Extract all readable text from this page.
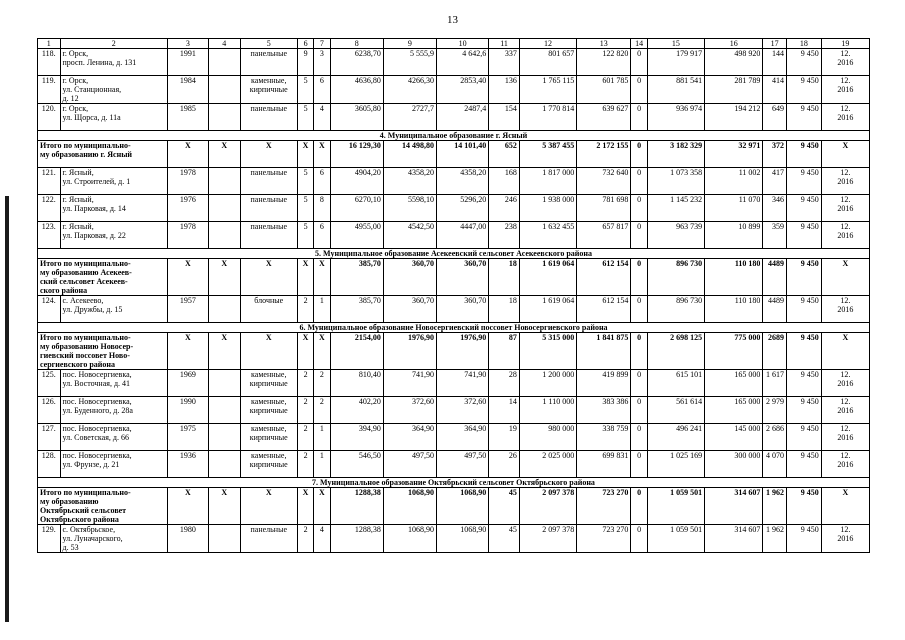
13
1	2	3	4	5	6	7	8	9	10	11	12	13	14	15	16	17	18	19
118.	г. Орск,
просп. Ленина, д. 131	1991		панельные	9	3	6238,70	5 555,9	4 642,6	337	801 657	122 820	0	179 917	498 920	144	9 450	12.
2016
119.	г. Орск,
ул. Станционная,
д. 12	1984		каменные,
кирпичные	5	6	4636,80	4266,30	2853,40	136	1 765 115	601 785	0	881 541	281 789	414	9 450	12.
2016
120.	г. Орск,
ул. Щорса, д. 11а	1985		панельные	5	4	3605,80	2727,7	2487,4	154	1 770 814	639 627	0	936 974	194 212	649	9 450	12.
2016
4. Муниципальное образование г. Ясный																		
Итого по муниципально-
му образованию г. Ясный		X	X	X	X	X	16 129,30	14 498,80	14 101,40	652	5 387 455	2 172 155	0	3 182 329	32 971	372	9 450	X
121.	г. Ясный,
ул. Строителей, д. 1	1978		панельные	5	6	4904,20	4358,20	4358,20	168	1 817 000	732 640	0	1 073 358	11 002	417	9 450	12.
2016
122.	г. Ясный,
ул. Парковая, д. 14	1976		панельные	5	8	6270,10	5598,10	5296,20	246	1 938 000	781 698	0	1 145 232	11 070	346	9 450	12.
2016
123.	г. Ясный,
ул. Парковая, д. 22	1978		панельные	5	6	4955,00	4542,50	4447,00	238	1 632 455	657 817	0	963 739	10 899	359	9 450	12.
2016
5. Муниципальное образование Асекеевский сельсовет Асекеевского района																		
Итого по муниципально-
му образованию Асекеев-
ский сельсовет Асекеев-
ского района		X	X	X	X	X	385,70	360,70	360,70	18	1 619 064	612 154	0	896 730	110 180	4489	9 450	X
124.	с. Асекеево,
ул. Дружбы, д. 15	1957		блочные	2	1	385,70	360,70	360,70	18	1 619 064	612 154	0	896 730	110 180	4489	9 450	12.
2016
6. Муниципальное образование Новосергиевский поссовет Новосергиевского района																		
Итого по муниципально-
му образованию Новосер-
гиевский поссовет Ново-
сергиевского района		X	X	X	X	X	2154,00	1976,90	1976,90	87	5 315 000	1 841 875	0	2 698 125	775 000	2689	9 450	X
125.	пос. Новосергиевка,
ул. Восточная, д. 41	1969		каменные,
кирпичные	2	2	810,40	741,90	741,90	28	1 200 000	419 899	0	615 101	165 000	1 617	9 450	12.
2016
126.	пос. Новосергиевка,
ул. Буденного, д. 28а	1990		каменные,
кирпичные	2	2	402,20	372,60	372,60	14	1 110 000	383 386	0	561 614	165 000	2 979	9 450	12.
2016
127.	пос. Новосергиевка,
ул. Советская, д. 66	1975		каменные,
кирпичные	2	1	394,90	364,90	364,90	19	980 000	338 759	0	496 241	145 000	2 686	9 450	12.
2016
128.	пос. Новосергиевка,
ул. Фрунзе, д. 21	1936		каменные,
кирпичные	2	1	546,50	497,50	497,50	26	2 025 000	699 831	0	1 025 169	300 000	4 070	9 450	12.
2016
7. Муниципальное образование Октябрьский сельсовет Октябрьского района																		
Итого по муниципально-
му образованию
Октябрьский сельсовет
Октябрьского района		X	X	X	X	X	1288,38	1068,90	1068,90	45	2 097 378	723 270	0	1 059 501	314 607	1 962	9 450	X
129.	с. Октябрьское,
ул. Луначарского,
д. 53	1980		панельные	2	4	1288,38	1068,90	1068,90	45	2 097 378	723 270	0	1 059 501	314 607	1 962	9 450	12.
2016
